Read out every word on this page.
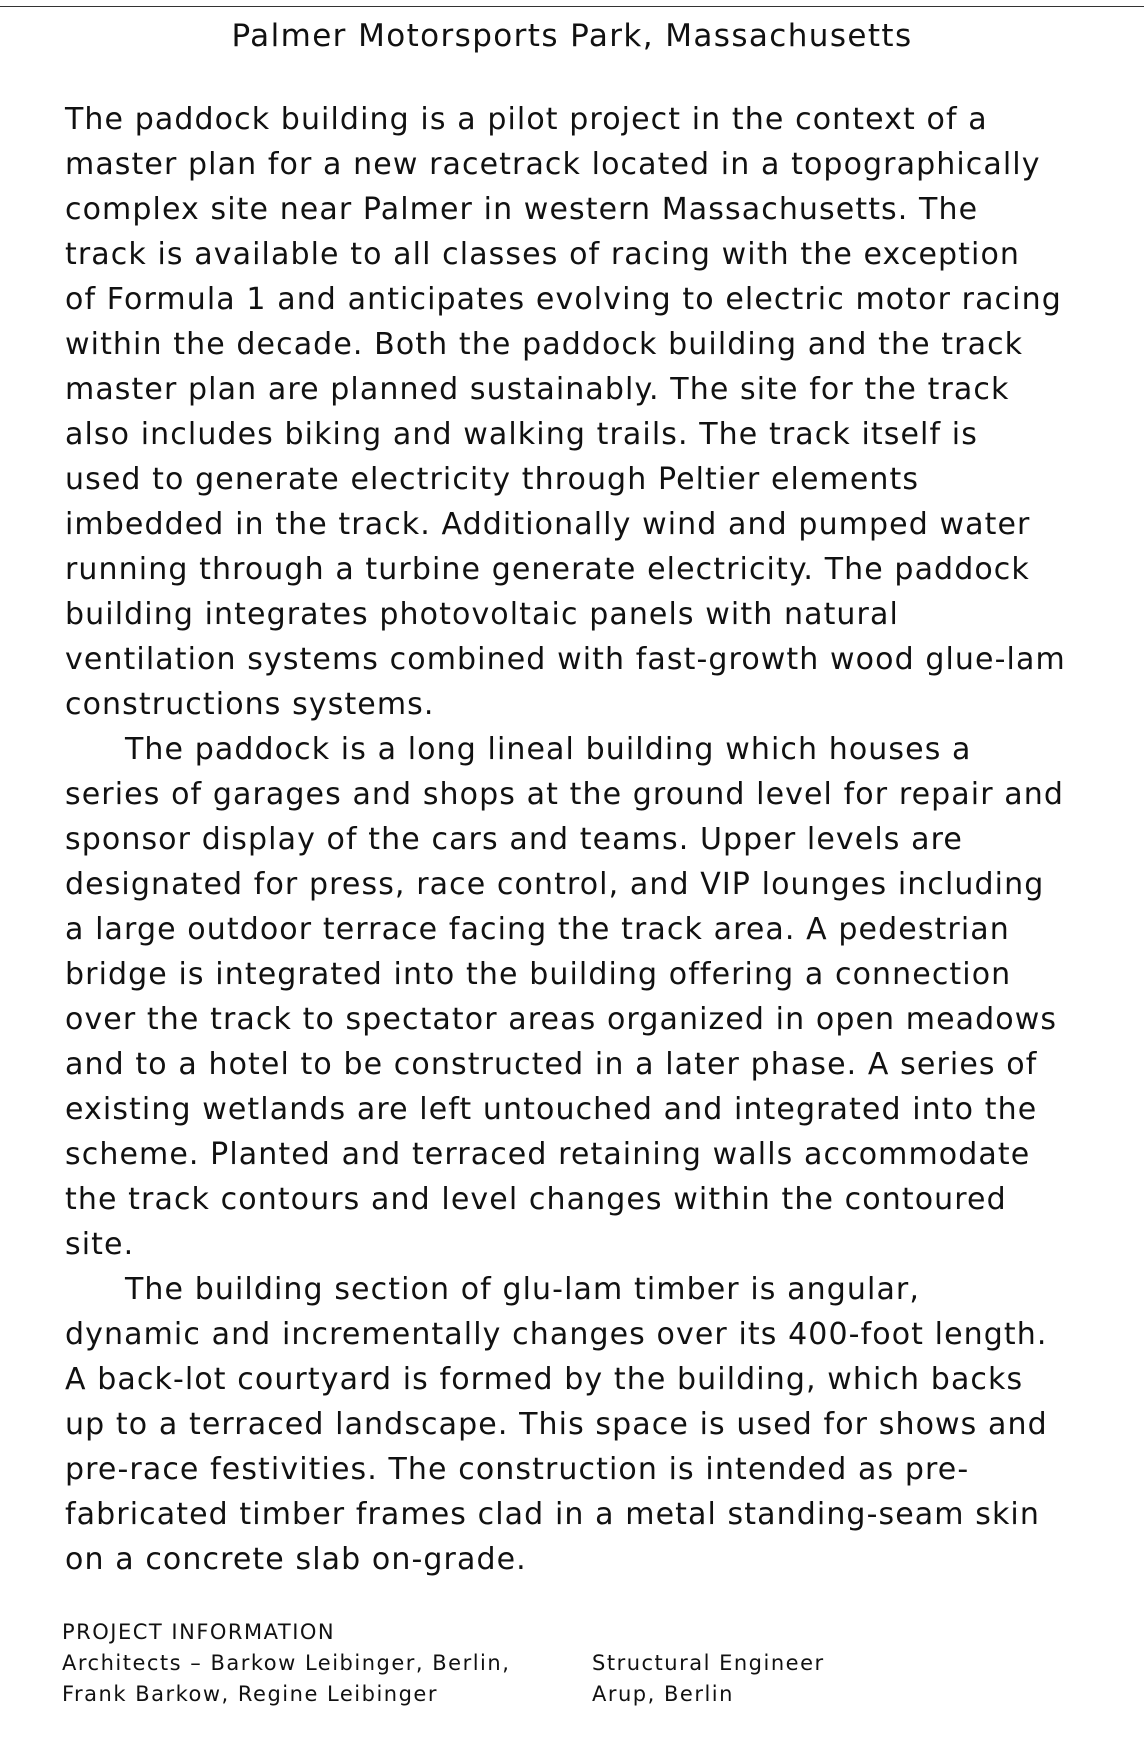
Palmer Motorsports Park, Massachusetts

The paddock building is a pilot project in the context of a
master plan for a new racetrack located in a topographically
complex site near Palmer in western Massachusetts. The
track is available to all classes of racing with the exception
of Formula 1 and anticipates evolving to electric motor racing
within the decade. Both the paddock building and the track
master plan are planned sustainably. The site for the track
also includes biking and walking trails. The track itself is
used to generate electricity through Peltier elements
imbedded in the track. Additionally wind and pumped water
running through a turbine generate electricity. The paddock
building integrates photovoltaic panels with natural
ventilation systems combined with fast-growth wood glue-lam
constructions systems.

The paddock is a long lineal building which houses a
series of garages and shops at the ground level for repair and
sponsor display of the cars and teams. Upper levels are
designated for press, race control, and VIP lounges including
a large outdoor terrace facing the track area. A pedestrian
bridge is integrated into the building offering a connection
over the track to spectator areas organized in open meadows
and to a hotel to be constructed in a later phase. A series of
existing wetlands are left untouched and integrated into the
scheme. Planted and terraced retaining walls accommodate
the track contours and level changes within the contoured
site.

The building section of glu-lam timber is angular,
dynamic and incrementally changes over its 400-foot length.
A back-lot courtyard is formed by the building, which backs
up to a terraced landscape. This space is used for shows and
pre-race festivities. The construction is intended as pre-
fabricated timber frames clad in a metal standing-seam skin
on a concrete slab on-grade.

PROJECT INFORMATION
Architects – Barkow Leibinger, Berlin,
Frank Barkow, Regine Leibinger
Structural Engineer
Arup, Berlin
